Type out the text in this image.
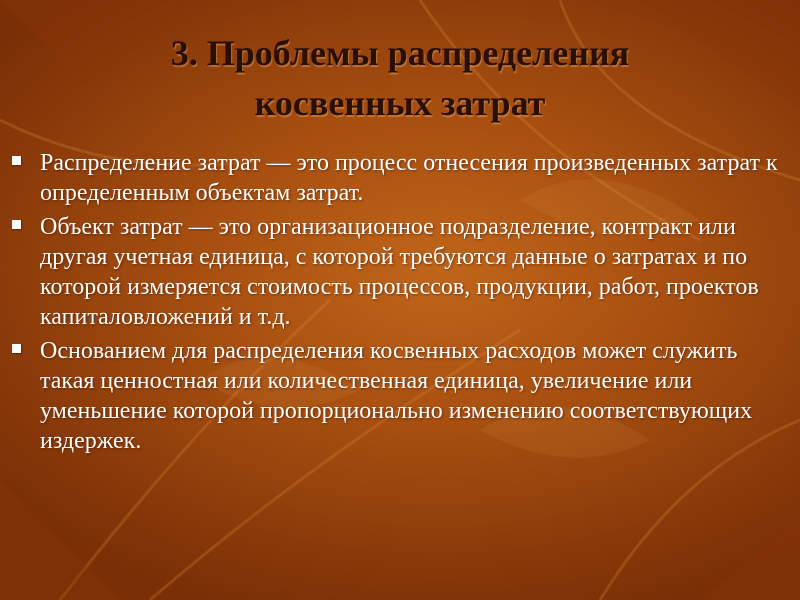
3. Проблемы распределения
косвенных затрат
Распределение затрат — это процесс отнесения произведенных затрат к определенным объектам затрат.
Объект затрат — это организационное подразделение, контракт или другая учетная единица, с которой требуются данные о затратах и по которой измеряется стоимость процессов, продукции, работ, проектов капиталовложений и т.д.
Основанием для распределения косвенных расходов может служить такая ценностная или количественная единица, увеличение или уменьшение которой пропорционально изменению соответствующих издержек.
